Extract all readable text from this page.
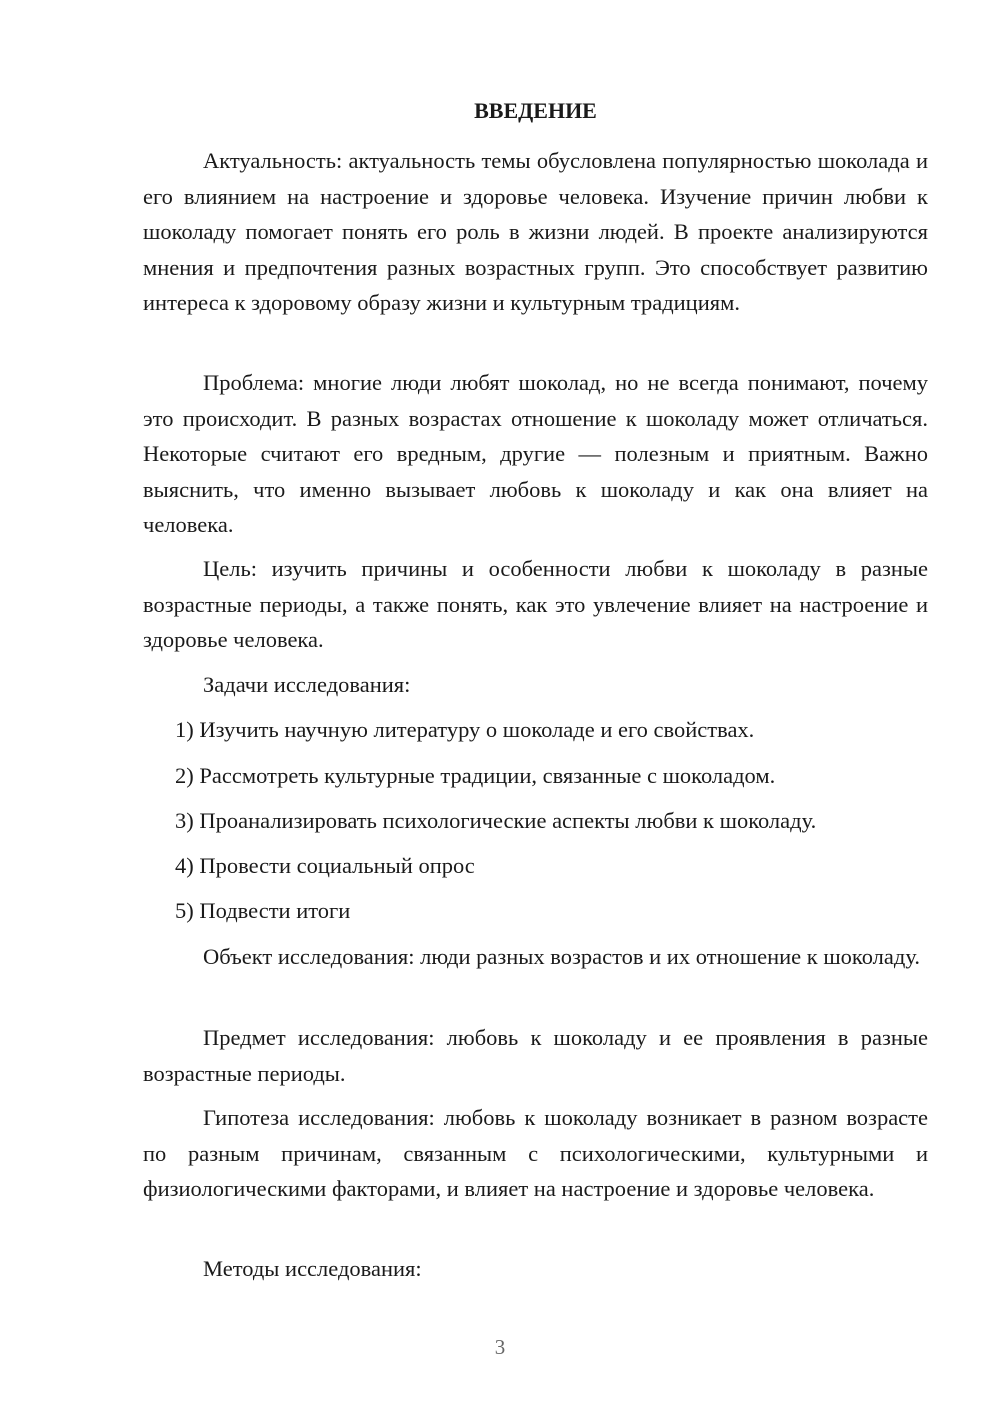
ВВЕДЕНИЕ

Актуальность: актуальность темы обусловлена популярностью шоколада и его влиянием на настроение и здоровье человека. Изучение причин любви к шоколаду помогает понять его роль в жизни людей. В проекте анализируются мнения и предпочтения разных возрастных групп. Это способствует развитию интереса к здоровому образу жизни и культурным традициям.

Проблема: многие люди любят шоколад, но не всегда понимают, почему это происходит. В разных возрастах отношение к шоколаду может отличаться. Некоторые считают его вредным, другие — полезным и приятным. Важно выяснить, что именно вызывает любовь к шоколаду и как она влияет на человека.

Цель: изучить причины и особенности любви к шоколаду в разные возрастные периоды, а также понять, как это увлечение влияет на настроение и здоровье человека.

Задачи исследования:

1) Изучить научную литературу о шоколаде и его свойствах.

2) Рассмотреть культурные традиции, связанные с шоколадом.

3) Проанализировать психологические аспекты любви к шоколаду.

4) Провести социальный опрос

5) Подвести итоги

Объект исследования: люди разных возрастов и их отношение к шоколаду.

Предмет исследования: любовь к шоколаду и ее проявления в разные возрастные периоды.

Гипотеза исследования: любовь к шоколаду возникает в разном возрасте по разным причинам, связанным с психологическими, культурными и физиологическими факторами, и влияет на настроение и здоровье человека.

Методы исследования:

3
